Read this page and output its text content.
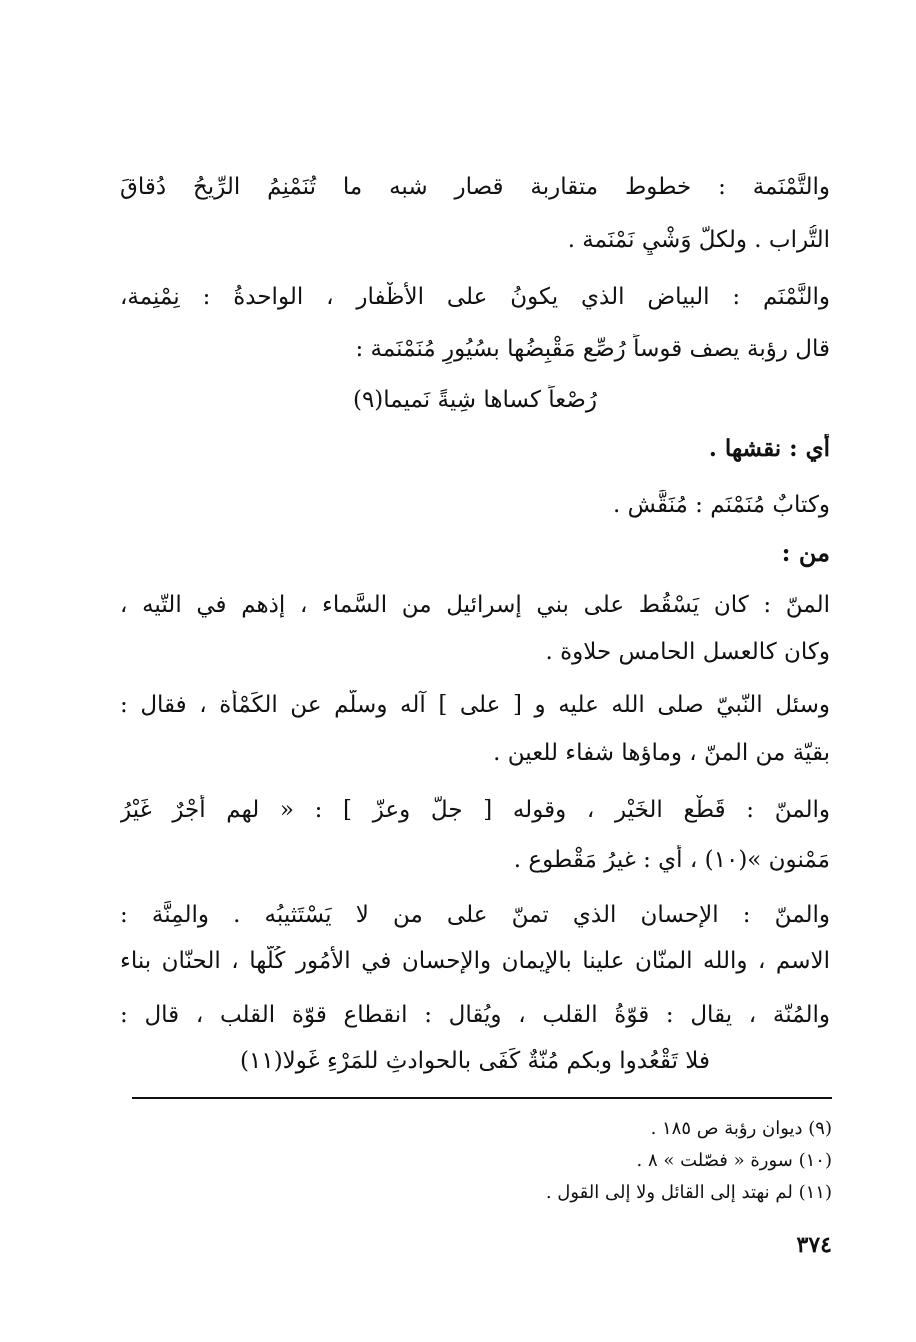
والتَّمْنَمة : خطوط متقاربة قصار شبه ما تُنَمْنِمُ الرِّيحُ دُقاقَ
التُّراب . ولكلّ وَشْيٍ نَمْنَمة .
والنَّمْنَم : البياض الذي يكونُ على الأَظْفار ، الواحدةُ : نِمْنِمة،
قال رؤبة يصف قوساً رُصِّع مَقْبِضُها بسُيُورٍ مُنَمْنَمة :
رُصْعاً كساها شِيةً نَميما(٩)
أي : نقشها .
وكتابٌ مُنَمْنَم : مُنَقَّش .
من :
المنّ : كان يَسْقُط على بني إسرائيل من السَّماء ، إذهم في التّيه ،
وكان كالعسل الحامس حلاوة .
وسئل النّبيّ صلى الله عليه و [ على ] آله وسلّم عن الكَمْأة ، فقال :
بقيّة من المنّ ، وماؤها شفاء للعين .
والمنّ : قَطْع الخَيْر ، وقوله [ جلّ وعزّ ] : « لهم أَجْرٌ غَيْرُ
مَمْنون »(١٠) ، أي : غيرُ مَقْطوع .
والمنّ : الإحسان الذي تمنّ على من لا يَسْتَثيبُه . والمِنَّة :
الاسم ، والله المنّان علينا بالإيمان والإحسان في الأُمُور كُلّها ، الحنّان بناء
والمُنّة ، يقال : قوّةُ القلب ، ويُقال : انقطاع قوّة القلب ، قال :
فلا تَقْعُدوا وبكم مُنّةٌ كَفَى بالحوادثِ للمَرْءِ غَولا(١١)
(٩) ديوان رؤبة ص ١٨٥ .
(١٠) سورة « فصّلت » ٨ .
(١١) لم نهتد إلى القائل ولا إلى القول .
٣٧٤
